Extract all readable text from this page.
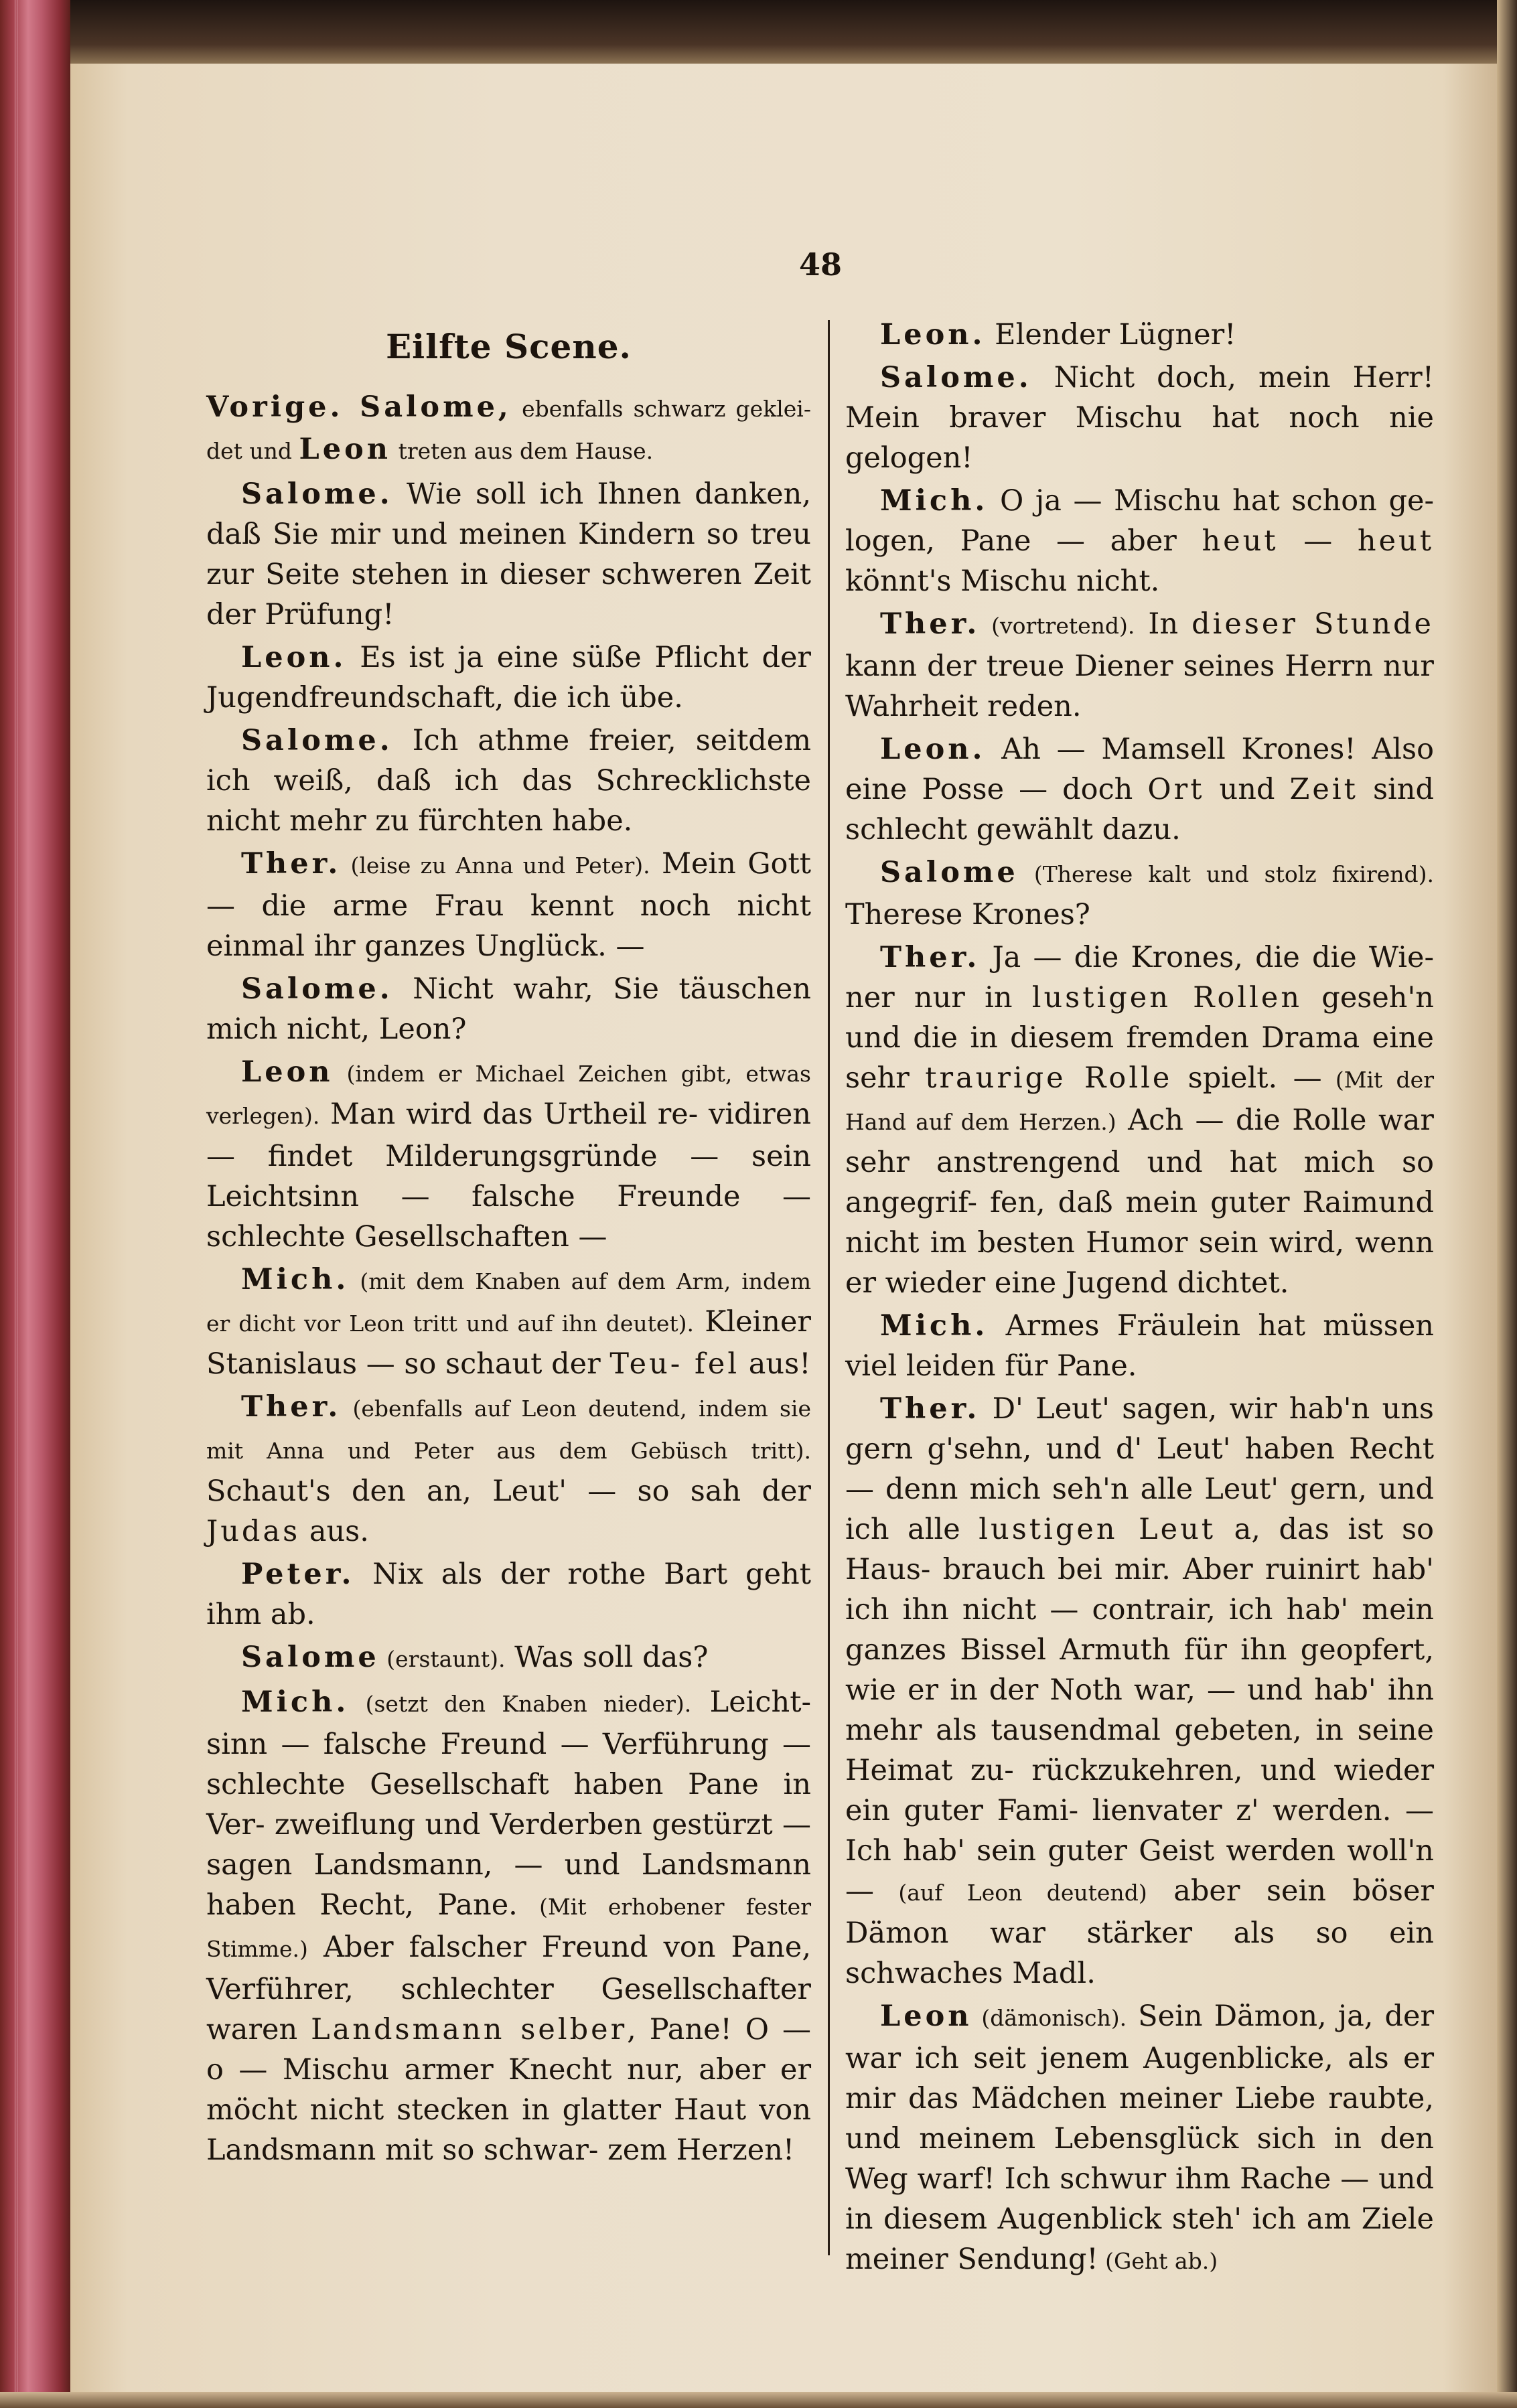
48
Eilfte Scene.

Vorige. Salome, ebenfalls schwarz geklei- det und Leon treten aus dem Hause.

Salome. Wie soll ich Ihnen danken, daß Sie mir und meinen Kindern so treu zur Seite stehen in dieser schweren Zeit der Prüfung!

Leon. Es ist ja eine süße Pflicht der Jugendfreundschaft, die ich übe.

Salome. Ich athme freier, seitdem ich weiß, daß ich das Schrecklichste nicht mehr zu fürchten habe.

Ther. (leise zu Anna und Peter). Mein Gott — die arme Frau kennt noch nicht einmal ihr ganzes Unglück. —

Salome. Nicht wahr, Sie täuschen mich nicht, Leon?

Leon (indem er Michael Zeichen gibt, etwas verlegen). Man wird das Urtheil re- vidiren — findet Milderungsgründe — sein Leichtsinn — falsche Freunde — schlechte Gesellschaften —

Mich. (mit dem Knaben auf dem Arm, indem er dicht vor Leon tritt und auf ihn deutet). Kleiner Stanislaus — so schaut der Teu- fel aus!

Ther. (ebenfalls auf Leon deutend, indem sie mit Anna und Peter aus dem Gebüsch tritt). Schaut's den an, Leut' — so sah der Judas aus.

Peter. Nix als der rothe Bart geht ihm ab.

Salome (erstaunt). Was soll das?

Mich. (setzt den Knaben nieder). Leicht- sinn — falsche Freund — Verführung — schlechte Gesellschaft haben Pane in Ver- zweiflung und Verderben gestürzt — sagen Landsmann, — und Landsmann haben Recht, Pane. (Mit erhobener fester Stimme.) Aber falscher Freund von Pane, Verführer, schlechter Gesellschafter waren Landsmann selber, Pane! O — o — Mischu armer Knecht nur, aber er möcht nicht stecken in glatter Haut von Landsmann mit so schwar- zem Herzen!

Leon. Elender Lügner!

Salome. Nicht doch, mein Herr! Mein braver Mischu hat noch nie gelogen!

Mich. O ja — Mischu hat schon ge- logen, Pane — aber heut — heut könnt's Mischu nicht.

Ther. (vortretend). In dieser Stunde kann der treue Diener seines Herrn nur Wahrheit reden.

Leon. Ah — Mamsell Krones! Also eine Posse — doch Ort und Zeit sind schlecht gewählt dazu.

Salome (Therese kalt und stolz fixirend). Therese Krones?

Ther. Ja — die Krones, die die Wie- ner nur in lustigen Rollen geseh'n und die in diesem fremden Drama eine sehr traurige Rolle spielt. — (Mit der Hand auf dem Herzen.) Ach — die Rolle war sehr anstrengend und hat mich so angegrif- fen, daß mein guter Raimund nicht im besten Humor sein wird, wenn er wieder eine Jugend dichtet.

Mich. Armes Fräulein hat müssen viel leiden für Pane.

Ther. D' Leut' sagen, wir hab'n uns gern g'sehn, und d' Leut' haben Recht — denn mich seh'n alle Leut' gern, und ich alle lustigen Leut a, das ist so Haus- brauch bei mir. Aber ruinirt hab' ich ihn nicht — contrair, ich hab' mein ganzes Bissel Armuth für ihn geopfert, wie er in der Noth war, — und hab' ihn mehr als tausendmal gebeten, in seine Heimat zu- rückzukehren, und wieder ein guter Fami- lienvater z' werden. — Ich hab' sein guter Geist werden woll'n — (auf Leon deutend) aber sein böser Dämon war stärker als so ein schwaches Madl.

Leon (dämonisch). Sein Dämon, ja, der war ich seit jenem Augenblicke, als er mir das Mädchen meiner Liebe raubte, und meinem Lebensglück sich in den Weg warf! Ich schwur ihm Rache — und in diesem Augenblick steh' ich am Ziele meiner Sendung! (Geht ab.)
